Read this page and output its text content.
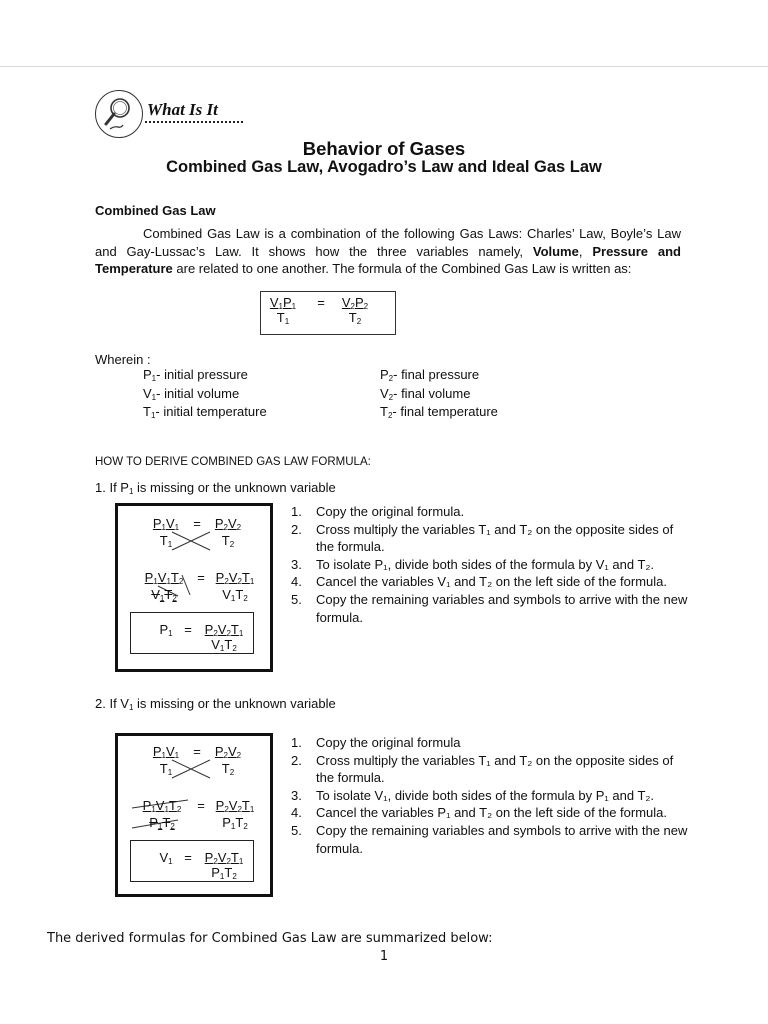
What Is It
Behavior of Gases
Combined Gas Law, Avogadro’s Law and Ideal Gas Law
Combined Gas Law
Combined Gas Law is a combination of the following Gas Laws: Charles’ Law, Boyle’s Law and Gay-Lussac’s Law. It shows how the three variables namely, Volume, Pressure and Temperature are related to one another. The formula of the Combined Gas Law is written as:
$V_1P_1$
$T_1$
=	$V_2P_2$
$T_2$
Wherein :
$P_1-$ initial pressure
$V_1-$ initial volume
$T_1-$ initial temperature
$P_2-$ final pressure
$V_2-$ final volume
$T_2-$ final temperature
HOW TO DERIVE COMBINED GAS LAW FORMULA:
1. If $P_1$ is missing or the unknown variable
$P_1V_1$
$T_1$
=	$P_2V_2$
$T_2$
$P_1V_1T_2$
$V_1T_2$
= $P_2V_2T_1$
$V_1T_2$
$P_1 = P_2V_2T_1$
$V_1T_2$
1. Copy the original formula.
2. Cross multiply the variables T₁ and T₂ on the opposite sides of the formula.
3. To isolate P₁, divide both sides of the formula by V₁ and T₂.
4. Cancel the variables V₁ and T₂ on the left side of the formula.
5. Copy the remaining variables and symbols to arrive with the new formula.
2. If $V_1$ is missing or the unknown variable
$P_1V_1$
$T_1$
=	$P_2V_2$
$T_2$
$P_1V_1T_2$
$P_1T_2$
= $P_2V_2T_1$
$P_1T_2$
$V_1 = P_2V_2T_1$
$P_1T_2$
1. Copy the original formula
2. Cross multiply the variables T₁ and T₂ on the opposite sides of the formula.
3. To isolate V₁, divide both sides of the formula by P₁ and T₂.
4. Cancel the variables P₁ and T₂ on the left side of the formula.
5. Copy the remaining variables and symbols to arrive with the new formula.
The derived formulas for Combined Gas Law are summarized below:
1
